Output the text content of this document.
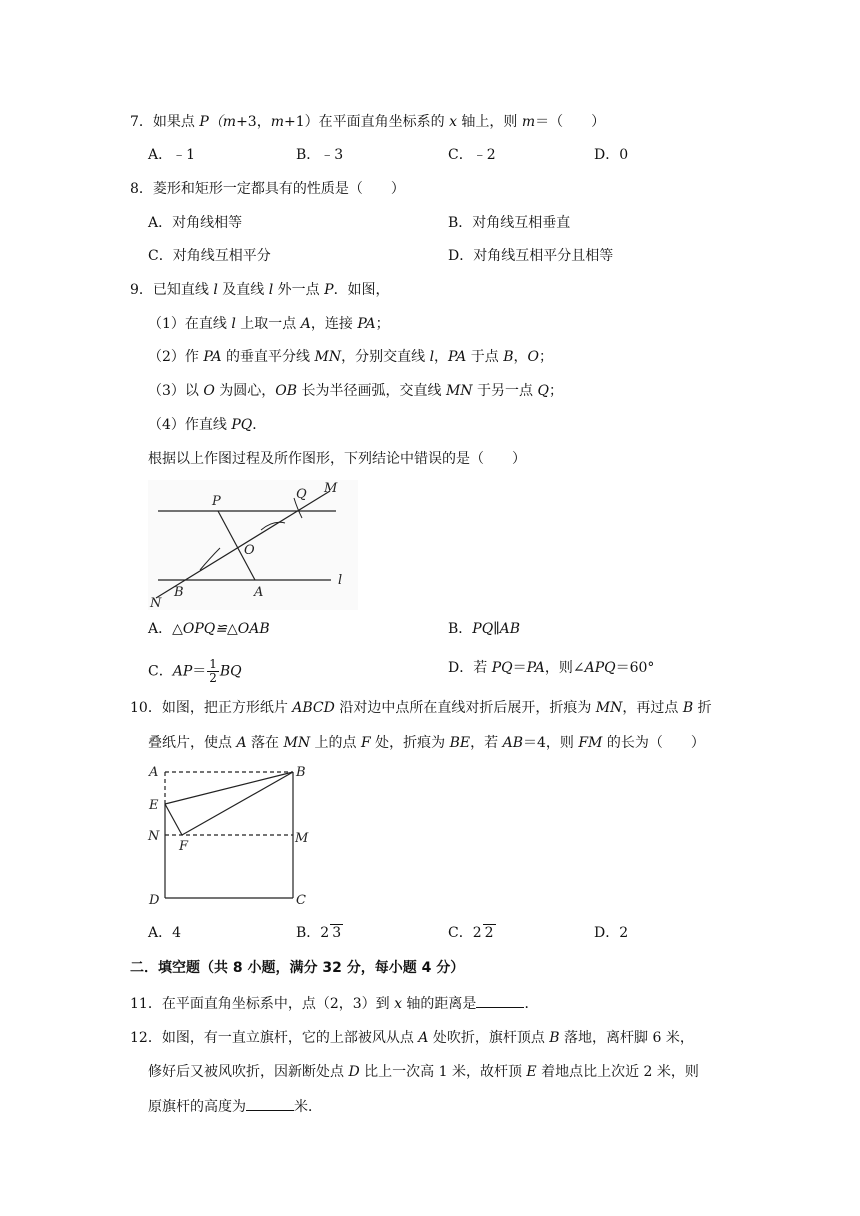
7．如果点 P（m+3，m+1）在平面直角坐标系的 x 轴上，则 m＝（　　）
A．﹣1	B．﹣3	C．﹣2	D．0
8．菱形和矩形一定都具有的性质是（　　）
A．对角线相等	B．对角线互相垂直
C．对角线互相平分	D．对角线互相平分且相等
9．已知直线 l 及直线 l 外一点 P．如图，
（1）在直线 l 上取一点 A，连接 PA；
（2）作 PA 的垂直平分线 MN，分别交直线 l，PA 于点 B，O；
（3）以 O 为圆心，OB 长为半径画弧，交直线 MN 于另一点 Q；
（4）作直线 PQ．
根据以上作图过程及所作图形，下列结论中错误的是（　　）
P	Q M
O
B	A
N
l
A．△OPQ≌△OAB	B．PQ∥AB
C．$AP= \frac{1}{2}$ BQ	D．若 PQ＝PA，则∠APQ＝60°
10．如图，把正方形纸片 ABCD 沿对边中点所在直线对折后展开，折痕为 MN，再过点 B 折
叠纸片，使点 A 落在 MN 上的点 F 处，折痕为 BE，若 AB＝4，则 FM 的长为（　　）
A	B
E
N
F
M
D	C
A．4	B．2 3	C．2 2	D．2
二．填空题（共 8 小题，满分 32 分，每小题 4 分）
11．在平面直角坐标系中，点（2，3）到 x 轴的距离是	．
12．如图，有一直立旗杆，它的上部被风从点 A 处吹折，旗杆顶点 B 落地，离杆脚 6 米，
修好后又被风吹折，因新断处点 D 比上一次高 1 米，故杆顶 E 着地点比上次近 2 米，则
原旗杆的高度为	米．
